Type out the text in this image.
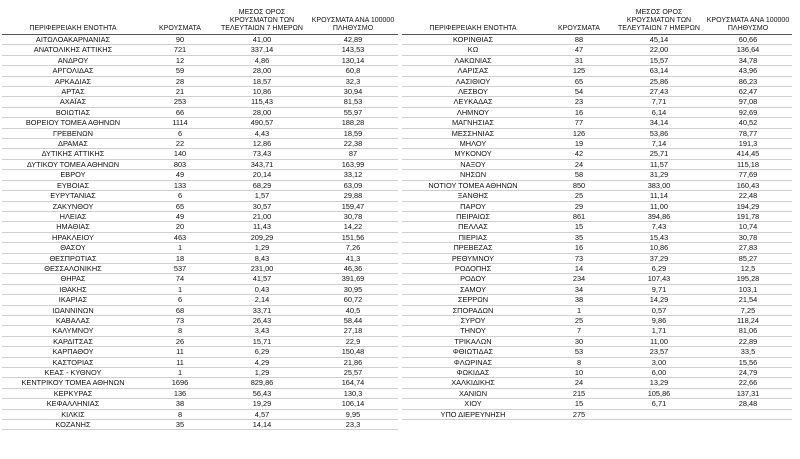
ΠΕΡΙΦΕΡΕΙΑΚΗ ΕΝΟΤΗΤΑ	ΚΡΟΥΣΜΑΤΑ	ΜΕΣΟΣ ΟΡΟΣ ΚΡΟΥΣΜΑΤΩΝ ΤΩΝ ΤΕΛΕΥΤΑΙΩΝ 7 ΗΜΕΡΩΝ	ΚΡΟΥΣΜΑΤΑ ΑΝΑ 100000 ΠΛΗΘΥΣΜΟ
ΑΙΤΩΛΟΑΚΑΡΝΑΝΙΑΣ	90	41,00	42,89
ΑΝΑΤΟΛΙΚΗΣ ΑΤΤΙΚΗΣ	721	337,14	143,53
ΑΝΔΡΟΥ	12	4,86	130,14
ΑΡΓΟΛΙΔΑΣ	59	28,00	60,8
ΑΡΚΑΔΙΑΣ	28	18,57	32,3
ΑΡΤΑΣ	21	10,86	30,94
ΑΧΑΪΑΣ	253	115,43	81,53
ΒΟΙΩΤΙΑΣ	66	28,00	55,97
ΒΟΡΕΙΟΥ ΤΟΜΕΑ ΑΘΗΝΩΝ	1114	490,57	188,28
ΓΡΕΒΕΝΩΝ	6	4,43	18,59
ΔΡΑΜΑΣ	22	12,86	22,38
ΔΥΤΙΚΗΣ ΑΤΤΙΚΗΣ	140	73,43	87
ΔΥΤΙΚΟΥ ΤΟΜΕΑ ΑΘΗΝΩΝ	803	343,71	163,99
ΕΒΡΟΥ	49	20,14	33,12
ΕΥΒΟΙΑΣ	133	68,29	63,09
ΕΥΡΥΤΑΝΙΑΣ	6	1,57	29,88
ΖΑΚΥΝΘΟΥ	65	30,57	159,47
ΗΛΕΙΑΣ	49	21,00	30,78
ΗΜΑΘΙΑΣ	20	11,43	14,22
ΗΡΑΚΛΕΙΟΥ	463	209,29	151,56
ΘΑΣΟΥ	1	1,29	7,26
ΘΕΣΠΡΩΤΙΑΣ	18	8,43	41,3
ΘΕΣΣΑΛΟΝΙΚΗΣ	537	231,00	46,36
ΘΗΡΑΣ	74	41,57	391,69
ΙΘΑΚΗΣ	1	0,43	30,95
ΙΚΑΡΙΑΣ	6	2,14	60,72
ΙΩΑΝΝΙΝΩΝ	68	33,71	40,5
ΚΑΒΑΛΑΣ	73	26,43	58,44
ΚΑΛΥΜΝΟΥ	8	3,43	27,18
ΚΑΡΔΙΤΣΑΣ	26	15,71	22,9
ΚΑΡΠΑΘΟΥ	11	6,29	150,48
ΚΑΣΤΟΡΙΑΣ	11	4,29	21,86
ΚΕΑΣ - ΚΥΘΝΟΥ	1	1,29	25,57
ΚΕΝΤΡΙΚΟΥ ΤΟΜΕΑ ΑΘΗΝΩΝ	1696	829,86	164,74
ΚΕΡΚΥΡΑΣ	136	56,43	130,3
ΚΕΦΑΛΛΗΝΙΑΣ	38	19,29	106,14
ΚΙΛΚΙΣ	8	4,57	9,95
ΚΟΖΑΝΗΣ	35	14,14	23,3
ΠΕΡΙΦΕΡΕΙΑΚΗ ΕΝΟΤΗΤΑ	ΚΡΟΥΣΜΑΤΑ	ΜΕΣΟΣ ΟΡΟΣ ΚΡΟΥΣΜΑΤΩΝ ΤΩΝ ΤΕΛΕΥΤΑΙΩΝ 7 ΗΜΕΡΩΝ	ΚΡΟΥΣΜΑΤΑ ΑΝΑ 100000 ΠΛΗΘΥΣΜΟ
ΚΟΡΙΝΘΙΑΣ	88	45,14	60,66
ΚΩ	47	22,00	136,64
ΛΑΚΩΝΙΑΣ	31	15,57	34,78
ΛΑΡΙΣΑΣ	125	63,14	43,96
ΛΑΣΙΘΙΟΥ	65	25,86	86,23
ΛΕΣΒΟΥ	54	27,43	62,47
ΛΕΥΚΑΔΑΣ	23	7,71	97,08
ΛΗΜΝΟΥ	16	6,14	92,69
ΜΑΓΝΗΣΙΑΣ	77	34,14	40,52
ΜΕΣΣΗΝΙΑΣ	126	53,86	78,77
ΜΗΛΟΥ	19	7,14	191,3
ΜΥΚΟΝΟΥ	42	25,71	414,45
ΝΑΞΟΥ	24	11,57	115,18
ΝΗΣΩΝ	58	31,29	77,69
ΝΟΤΙΟΥ ΤΟΜΕΑ ΑΘΗΝΩΝ	850	383,00	160,43
ΞΑΝΘΗΣ	25	11,14	22,48
ΠΑΡΟΥ	29	11,00	194,29
ΠΕΙΡΑΙΩΣ	861	394,86	191,78
ΠΕΛΛΑΣ	15	7,43	10,74
ΠΙΕΡΙΑΣ	35	15,43	30,78
ΠΡΕΒΕΖΑΣ	16	10,86	27,83
ΡΕΘΥΜΝΟΥ	73	37,29	85,27
ΡΟΔΟΠΗΣ	14	6,29	12,5
ΡΟΔΟΥ	234	107,43	195,28
ΣΑΜΟΥ	34	9,71	103,1
ΣΕΡΡΩΝ	38	14,29	21,54
ΣΠΟΡΑΔΩΝ	1	0,57	7,25
ΣΥΡΟΥ	25	9,86	118,24
ΤΗΝΟΥ	7	1,71	81,06
ΤΡΙΚΑΛΩΝ	30	11,00	22,89
ΦΘΙΩΤΙΔΑΣ	53	23,57	33,5
ΦΛΩΡΙΝΑΣ	8	3,00	15,56
ΦΩΚΙΔΑΣ	10	6,00	24,79
ΧΑΛΚΙΔΙΚΗΣ	24	13,29	22,66
ΧΑΝΙΩΝ	215	105,86	137,31
ΧΙΟΥ	15	6,71	28,48
ΥΠΟ ΔΙΕΡΕΥΝΗΣΗ	275		
